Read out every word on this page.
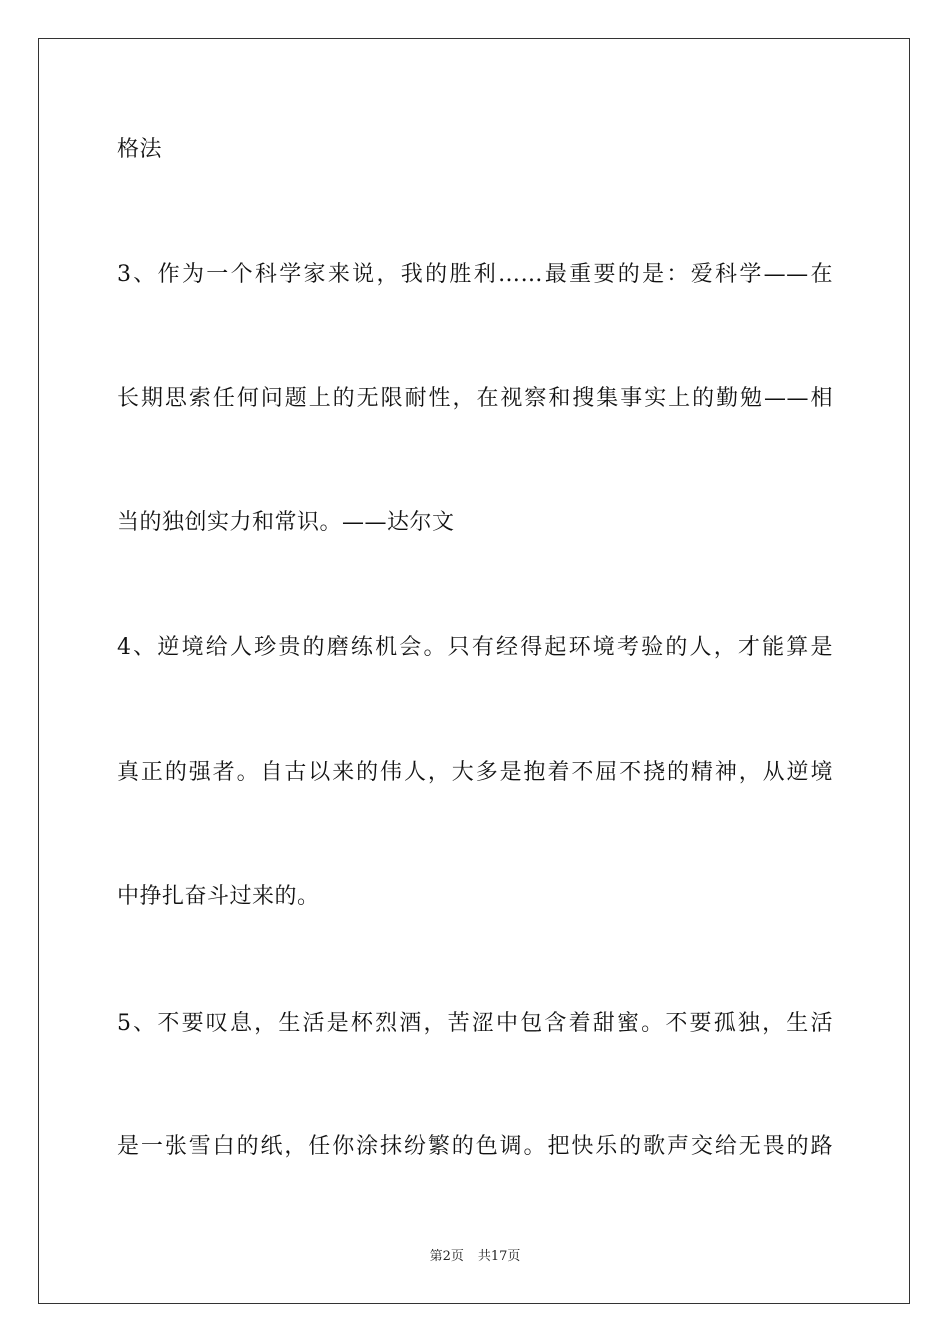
格法
3、作为一个科学家来说，我的胜利……最重要的是：爱科学——在
长期思索任何问题上的无限耐性，在视察和搜集事实上的勤勉——相
当的独创实力和常识。——达尔文
4、逆境给人珍贵的磨练机会。只有经得起环境考验的人，才能算是
真正的强者。自古以来的伟人，大多是抱着不屈不挠的精神，从逆境
中挣扎奋斗过来的。
5、不要叹息，生活是杯烈酒，苦涩中包含着甜蜜。不要孤独，生活
是一张雪白的纸，任你涂抹纷繁的色调。把快乐的歌声交给无畏的路
第2页 共17页
